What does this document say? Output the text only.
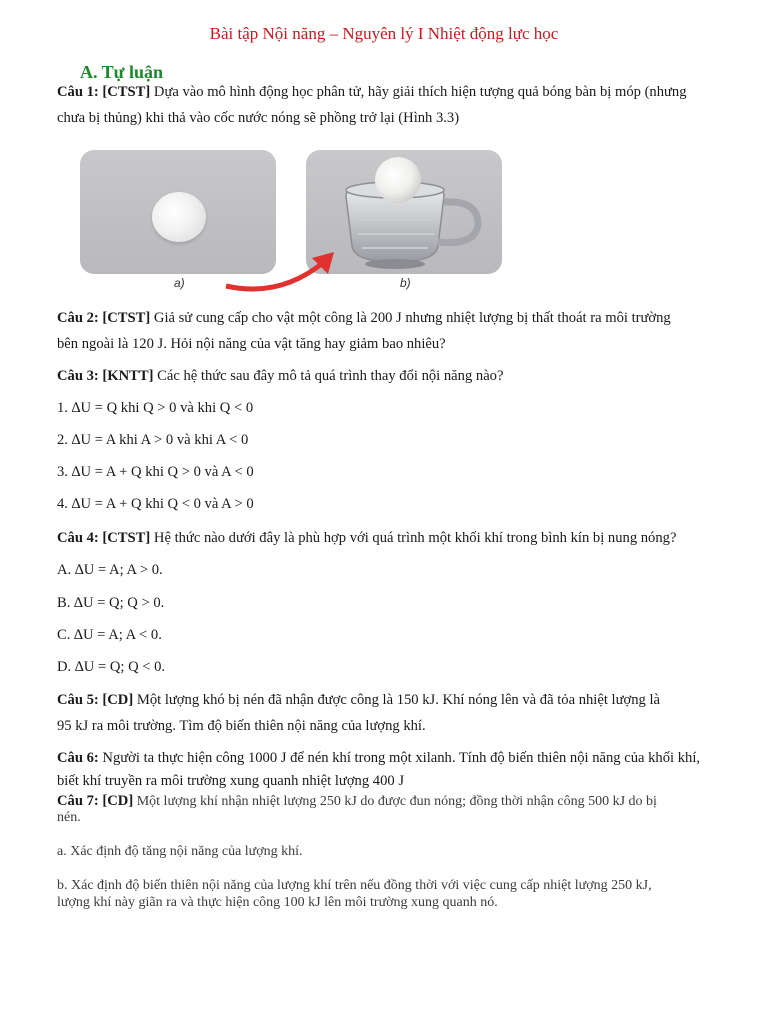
Bài tập Nội năng – Nguyên lý I Nhiệt động lực học
A. Tự luận
Câu 1: [CTST] Dựa vào mô hình động học phân tử, hãy giải thích hiện tượng quả bóng bàn bị móp (nhưng
chưa bị thủng) khi thả vào cốc nước nóng sẽ phồng trở lại (Hình 3.3)
a)	b)
Câu 2: [CTST] Giả sử cung cấp cho vật một công là 200 J nhưng nhiệt lượng bị thất thoát ra môi trường
bên ngoài là 120 J. Hỏi nội năng của vật tăng hay giảm bao nhiêu?
Câu 3: [KNTT] Các hệ thức sau đây mô tả quá trình thay đổi nội năng nào?
1. ∆U = Q khi Q > 0 và khi Q < 0
2. ∆U = A khi A > 0 và khi A < 0
3. ∆U = A + Q khi Q > 0 và A < 0
4. ∆U = A + Q khi Q < 0 và A > 0
Câu 4: [CTST] Hệ thức nào dưới đây là phù hợp với quá trình một khối khí trong bình kín bị nung nóng?
A. ∆U = A; A > 0.
B. ∆U = Q; Q > 0.
C. ∆U = A; A < 0.
D. ∆U = Q; Q < 0.
Câu 5: [CD] Một lượng khó bị nén đã nhận được công là 150 kJ. Khí nóng lên và đã tỏa nhiệt lượng là
95 kJ ra môi trường. Tìm độ biến thiên nội năng của lượng khí.
Câu 6: Người ta thực hiện công 1000 J để nén khí trong một xilanh. Tính độ biến thiên nội năng của khối khí,
biết khí truyền ra môi trường xung quanh nhiệt lượng 400 J
Câu 7: [CD] Một lượng khí nhận nhiệt lượng 250 kJ do được đun nóng; đồng thời nhận công 500 kJ do bị
nén.
a. Xác định độ tăng nội năng của lượng khí.
b. Xác định độ biến thiên nội năng của lượng khí trên nếu đồng thời với việc cung cấp nhiệt lượng 250 kJ,
lượng khí này giãn ra và thực hiện công 100 kJ lên môi trường xung quanh nó.
